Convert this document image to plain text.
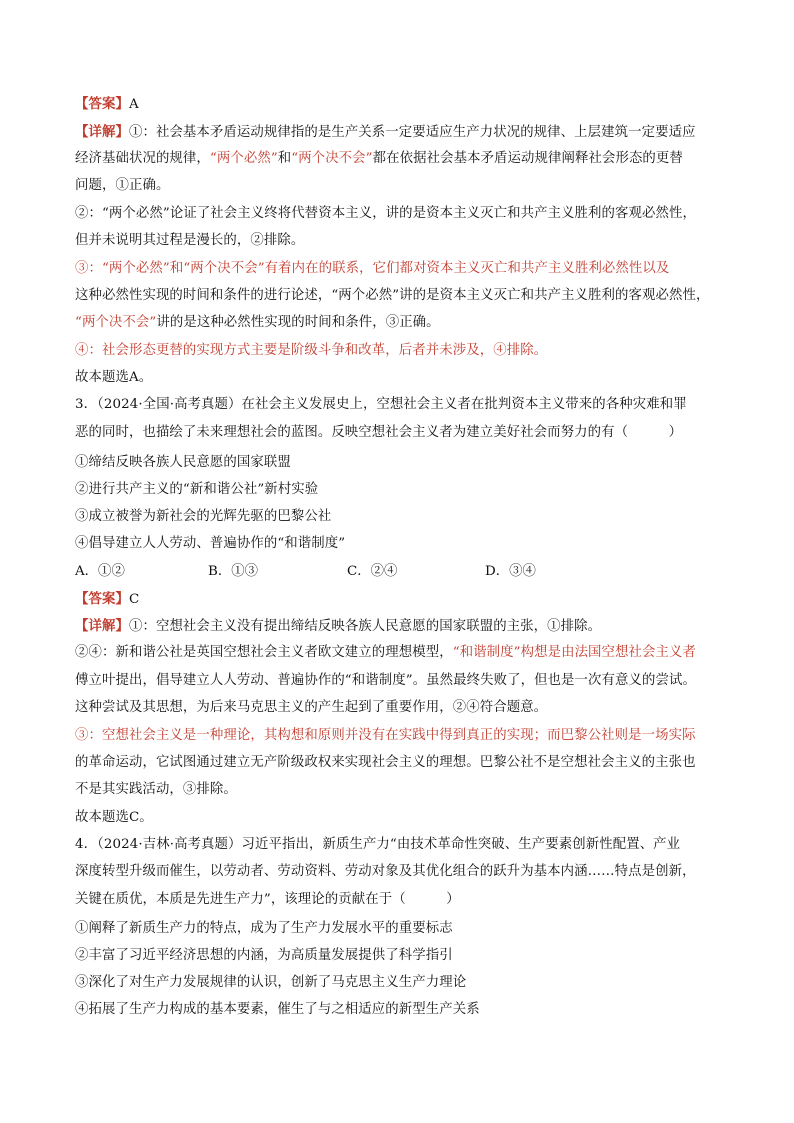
【答案】A
【详解】①：社会基本矛盾运动规律指的是生产关系一定要适应生产力状况的规律、上层建筑一定要适应
经济基础状况的规律，“两个必然”和“两个决不会”都在依据社会基本矛盾运动规律阐释社会形态的更替
问题，①正确。
②：“两个必然”论证了社会主义终将代替资本主义，讲的是资本主义灭亡和共产主义胜利的客观必然性，
但并未说明其过程是漫长的，②排除。
③：“两个必然”和“两个决不会”有着内在的联系，它们都对资本主义灭亡和共产主义胜利必然性以及
这种必然性实现的时间和条件的进行论述，“两个必然”讲的是资本主义灭亡和共产主义胜利的客观必然性，
“两个决不会”讲的是这种必然性实现的时间和条件，③正确。
④：社会形态更替的实现方式主要是阶级斗争和改革，后者并未涉及，④排除。
故本题选A。
3．（2024·全国·高考真题）在社会主义发展史上，空想社会主义者在批判资本主义带来的各种灾难和罪
恶的同时，也描绘了未来理想社会的蓝图。反映空想社会主义者为建立美好社会而努力的有（　　　）
①缔结反映各族人民意愿的国家联盟
②进行共产主义的“新和谐公社”新村实验
③成立被誉为新社会的光辉先驱的巴黎公社
④倡导建立人人劳动、普遍协作的“和谐制度”
A．①②	B．①③	C．②④	D．③④
【答案】C
【详解】①：空想社会主义没有提出缔结反映各族人民意愿的国家联盟的主张，①排除。
②④：新和谐公社是英国空想社会主义者欧文建立的理想模型，“和谐制度”构想是由法国空想社会主义者
傅立叶提出，倡导建立人人劳动、普遍协作的“和谐制度”。虽然最终失败了，但也是一次有意义的尝试。
这种尝试及其思想，为后来马克思主义的产生起到了重要作用，②④符合题意。
③：空想社会主义是一种理论，其构想和原则并没有在实践中得到真正的实现；而巴黎公社则是一场实际
的革命运动，它试图通过建立无产阶级政权来实现社会主义的理想。巴黎公社不是空想社会主义的主张也
不是其实践活动，③排除。
故本题选C。
4．（2024·吉林·高考真题）习近平指出，新质生产力“由技术革命性突破、生产要素创新性配置、产业
深度转型升级而催生，以劳动者、劳动资料、劳动对象及其优化组合的跃升为基本内涵……特点是创新，
关键在质优，本质是先进生产力”，该理论的贡献在于（　　　）
①阐释了新质生产力的特点，成为了生产力发展水平的重要标志
②丰富了习近平经济思想的内涵，为高质量发展提供了科学指引
③深化了对生产力发展规律的认识，创新了马克思主义生产力理论
④拓展了生产力构成的基本要素，催生了与之相适应的新型生产关系
